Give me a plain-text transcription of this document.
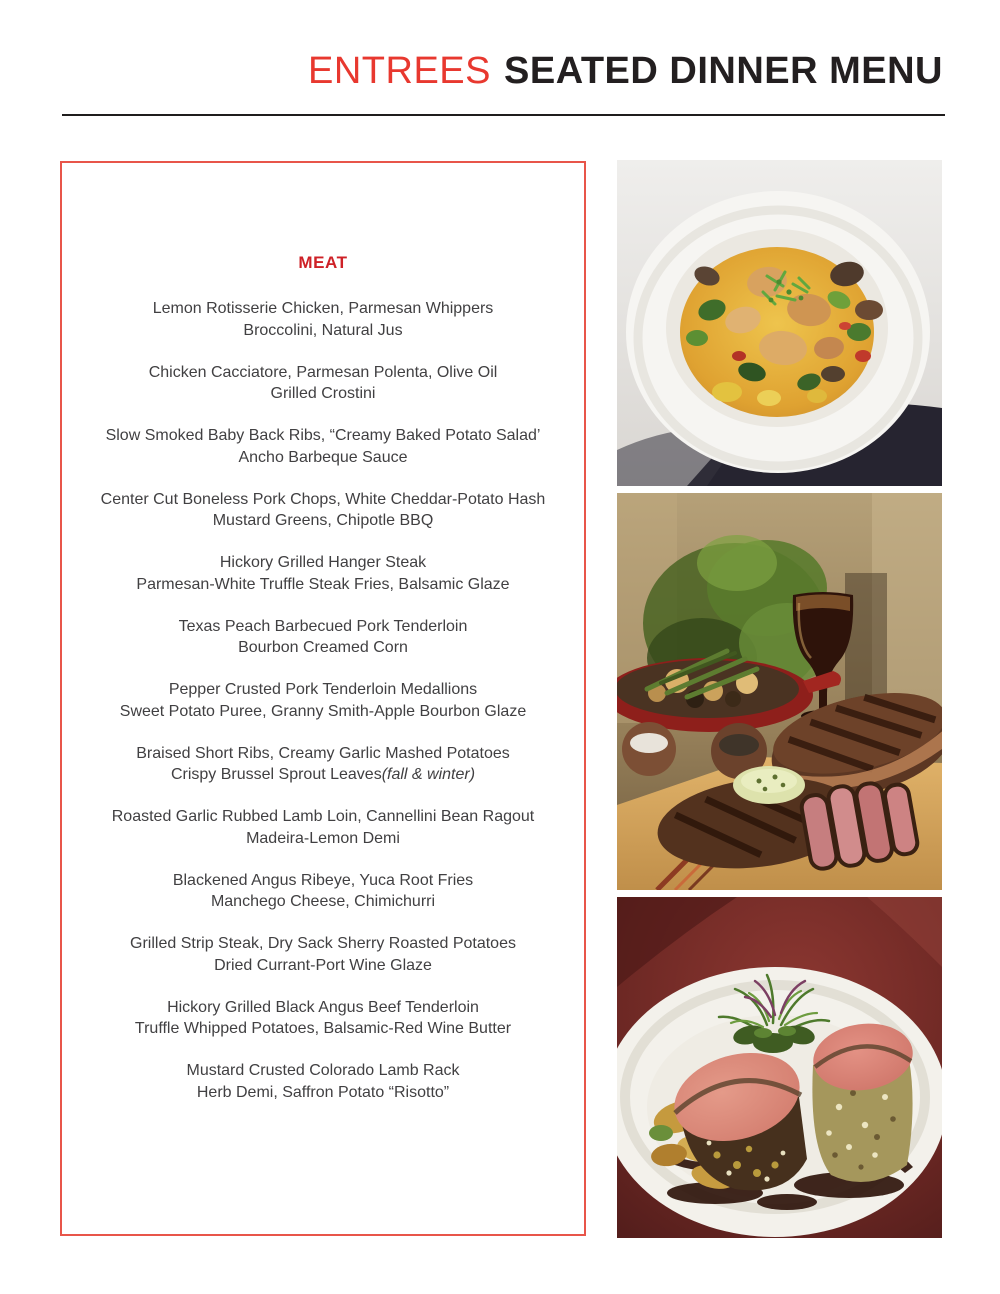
ENTREES SEATED DINNER MENU
MEAT
Lemon Rotisserie Chicken, Parmesan Whippers
Broccolini, Natural Jus
Chicken Cacciatore, Parmesan Polenta, Olive Oil
Grilled Crostini
Slow Smoked Baby Back Ribs, “Creamy Baked Potato Salad’
Ancho Barbeque Sauce
Center Cut Boneless Pork Chops, White Cheddar-Potato Hash
Mustard Greens, Chipotle BBQ
Hickory Grilled Hanger Steak
Parmesan-White Truffle Steak Fries, Balsamic Glaze
Texas Peach Barbecued Pork Tenderloin
Bourbon Creamed Corn
Pepper Crusted Pork Tenderloin Medallions
Sweet Potato Puree, Granny Smith-Apple Bourbon Glaze
Braised Short Ribs, Creamy Garlic Mashed Potatoes
Crispy Brussel Sprout Leaves(fall & winter)
Roasted Garlic Rubbed Lamb Loin, Cannellini Bean Ragout
Madeira-Lemon Demi
Blackened Angus Ribeye, Yuca Root Fries
Manchego Cheese, Chimichurri
Grilled Strip Steak, Dry Sack Sherry Roasted Potatoes
Dried Currant-Port Wine Glaze
Hickory Grilled Black Angus Beef Tenderloin
Truffle Whipped Potatoes, Balsamic-Red Wine Butter
Mustard Crusted Colorado Lamb Rack
Herb Demi, Saffron Potato “Risotto”
